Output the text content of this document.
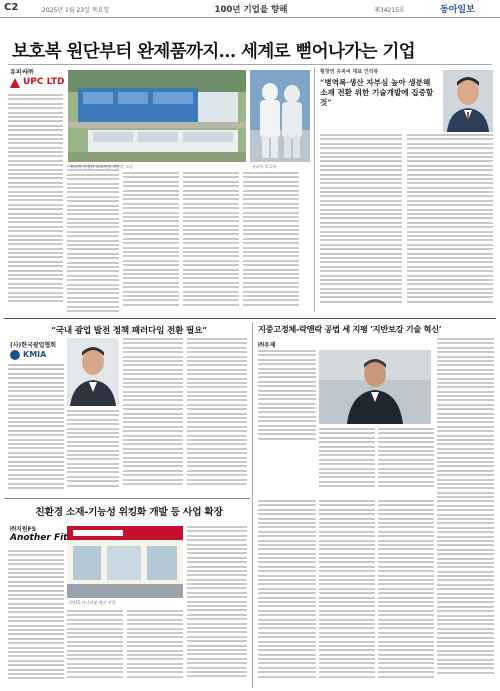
C2	2025년 1월 23일 목요일	100년 기업을 향해	제34215호	동아일보
보호복 원단부터 완제품까지… 세계로 뻗어나가는 기업
유피씨㈜
UPC LTD
유피씨 전경과 보호복을 착용한 모습	유피씨 보호복
황창연 유피씨 대표 인터뷰
“병역복·생산 자부심 높아 생분해 소재 전환 위한 기술개발에 집중할 것”
“국내 광업 발전 정책 패러다임 전환 필요”
(사)한국광업협회
KMIA
지중고정체-락앤락 공법 세 지평 ‘지반보강 기술 혁신’
㈜우제
친환경 소재-기능성 위킹화 개발 등 사업 확장
㈜지원FS
Another Fit
지원FS 어나더핏 매장 전경
